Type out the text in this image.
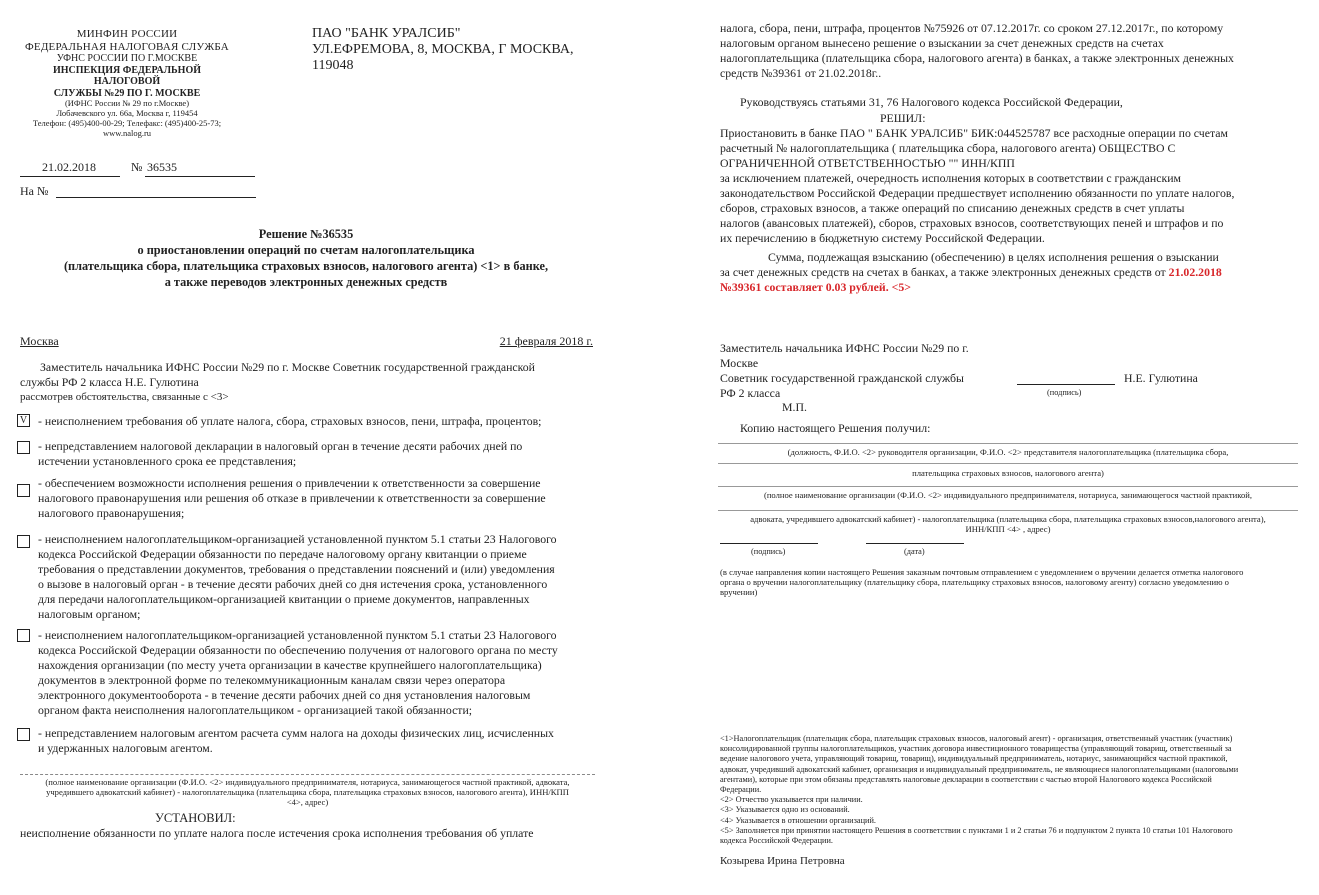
МИНФИН РОССИИ
ФЕДЕРАЛЬНАЯ НАЛОГОВАЯ СЛУЖБА
УФНС РОССИИ ПО Г.МОСКВЕ
ИНСПЕКЦИЯ ФЕДЕРАЛЬНОЙ НАЛОГОВОЙ
СЛУЖБЫ №29 ПО Г. МОСКВЕ
(ИФНС России № 29 по г.Москве)
Лобачевского ул. 66а, Москва г, 119454
Телефон: (495)400-00-29; Телефакс: (495)400-25-73;
www.nalog.ru
ПАО "БАНК УРАЛСИБ"
УЛ.ЕФРЕМОВА, 8, МОСКВА, Г МОСКВА,
119048
21.02.2018	№ 36535
На №
Решение №36535
о приостановлении операций по счетам налогоплательщика
(плательщика сбора, плательщика страховых взносов, налогового агента) <1> в банке,
а также переводов электронных денежных средств
Москва	21 февраля 2018 г.
Заместитель начальника ИФНС России №29 по г. Москве Советник государственной гражданской
службы РФ 2 класса Н.Е. Гулютина
рассмотрев обстоятельства, связанные с <3>
V - неисполнением требования об уплате налога, сбора, страховых взносов, пени, штрафа, процентов;
- непредставлением налоговой декларации в налоговый орган в течение десяти рабочих дней по
истечении установленного срока ее представления;
- обеспечением возможности исполнения решения о привлечении к ответственности за совершение
налогового правонарушения или решения об отказе в привлечении к ответственности за совершение
налогового правонарушения;
- неисполнением налогоплательщиком-организацией установленной пунктом 5.1 статьи 23 Налогового
кодекса Российской Федерации обязанности по передаче налоговому органу квитанции о приеме
требования о представлении документов, требования о представлении пояснений и (или) уведомления
о вызове в налоговый орган - в течение десяти рабочих дней со дня истечения срока, установленного
для передачи налогоплательщиком-организацией квитанции о приеме документов, направленных
налоговым органом;
- неисполнением налогоплательщиком-организацией установленной пунктом 5.1 статьи 23 Налогового
кодекса Российской Федерации обязанности по обеспечению получения от налогового органа по месту
нахождения организации (по месту учета организации в качестве крупнейшего налогоплательщика)
документов в электронной форме по телекоммуникационным каналам связи через оператора
электронного документооборота - в течение десяти рабочих дней со дня установления налоговым
органом факта неисполнения налогоплательщиком - организацией такой обязанности;
- непредставлением налоговым агентом расчета сумм налога на доходы физических лиц, исчисленных
и удержанных налоговым агентом.
(полное наименование организации (Ф.И.О. <2> индивидуального предпринимателя, нотариуса, занимающегося частной практикой, адвоката,
учредившего адвокатский кабинет) - налогоплательщика (плательщика сбора, плательщика страховых взносов, налогового агента), ИНН/КПП
<4>, адрес)
УСТАНОВИЛ:
неисполнение обязанности по уплате налога после истечения срока исполнения требования об уплате
налога, сбора, пени, штрафа, процентов №75926 от 07.12.2017г. со сроком 27.12.2017г., по которому
налоговым органом вынесено решение о взыскании за счет денежных средств на счетах
налогоплательщика (плательщика сбора, налогового агента) в банках, а также электронных денежных
средств №39361 от 21.02.2018г..
Руководствуясь статьями 31, 76 Налогового кодекса Российской Федерации,
РЕШИЛ:
Приостановить в банке ПАО " БАНК УРАЛСИБ" БИК:044525787 все расходные операции по счетам
расчетный № налогоплательщика ( плательщика сбора, налогового агента) ОБЩЕСТВО С
ОГРАНИЧЕННОЙ ОТВЕТСТВЕННОСТЬЮ "" ИНН/КПП
за исключением платежей, очередность исполнения которых в соответствии с гражданским
законодательством Российской Федерации предшествует исполнению обязанности по уплате налогов,
сборов, страховых взносов, а также операций по списанию денежных средств в счет уплаты
налогов (авансовых платежей), сборов, страховых взносов, соответствующих пеней и штрафов и по
их перечислению в бюджетную систему Российской Федерации.
Сумма, подлежащая взысканию (обеспечению) в целях исполнения решения о взыскании
за счет денежных средств на счетах в банках, а также электронных денежных средств от 21.02.2018
№39361 составляет 0.03 рублей. <5>
Заместитель начальника ИФНС России №29 по г.
Москве
Советник государственной гражданской службы
РФ 2 класса	(подпись)
Н.Е. Гулютина
М.П.
Копию настоящего Решения получил:
(должность, Ф.И.О. <2> руководителя организации, Ф.И.О. <2> представителя налогоплательщика (плательщика сбора,
плательщика страховых взносов, налогового агента)
(полное наименование организации (Ф.И.О. <2> индивидуального предпринимателя, нотариуса, занимающегося частной практикой,
адвоката, учредившего адвокатский кабинет) - налогоплательщика (плательщика сбора, плательщика страховых взносов,налогового агента),
ИНН/КПП <4> , адрес)
(подпись)	(дата)
(в случае направления копии настоящего Решения заказным почтовым отправлением с уведомлением о вручении делается отметка налогового
органа о вручении налогоплательщику (плательщику сбора, плательщику страховых взносов, налоговому агенту) согласно уведомлению о
вручении)
<1>Налогоплательщик (плательщик сбора, плательщик страховых взносов, налоговый агент) - организация, ответственный участник (участник)
консолидированной группы налогоплательщиков, участник договора инвестиционного товарищества (управляющий товарищ, ответственный за
ведение налогового учета, управляющий товарищ, товарищ), индивидуальный предприниматель, нотариус, занимающийся частной практикой,
адвокат, учредивший адвокатский кабинет, организация и индивидуальный предприниматель, не являющиеся налогоплательщиками (налоговыми
агентами), которые при этом обязаны представлять налоговые декларации в соответствии с частью второй Налогового кодекса Российской
Федерации.
<2> Отчество указывается при наличии.
<3> Указывается одно из оснований.
<4> Указывается в отношении организаций.
<5> Заполняется при принятии настоящего Решения в соответствии с пунктами 1 и 2 статьи 76 и подпунктом 2 пункта 10 статьи 101 Налогового
кодекса Российской Федерации.
Козырева Ирина Петровна
